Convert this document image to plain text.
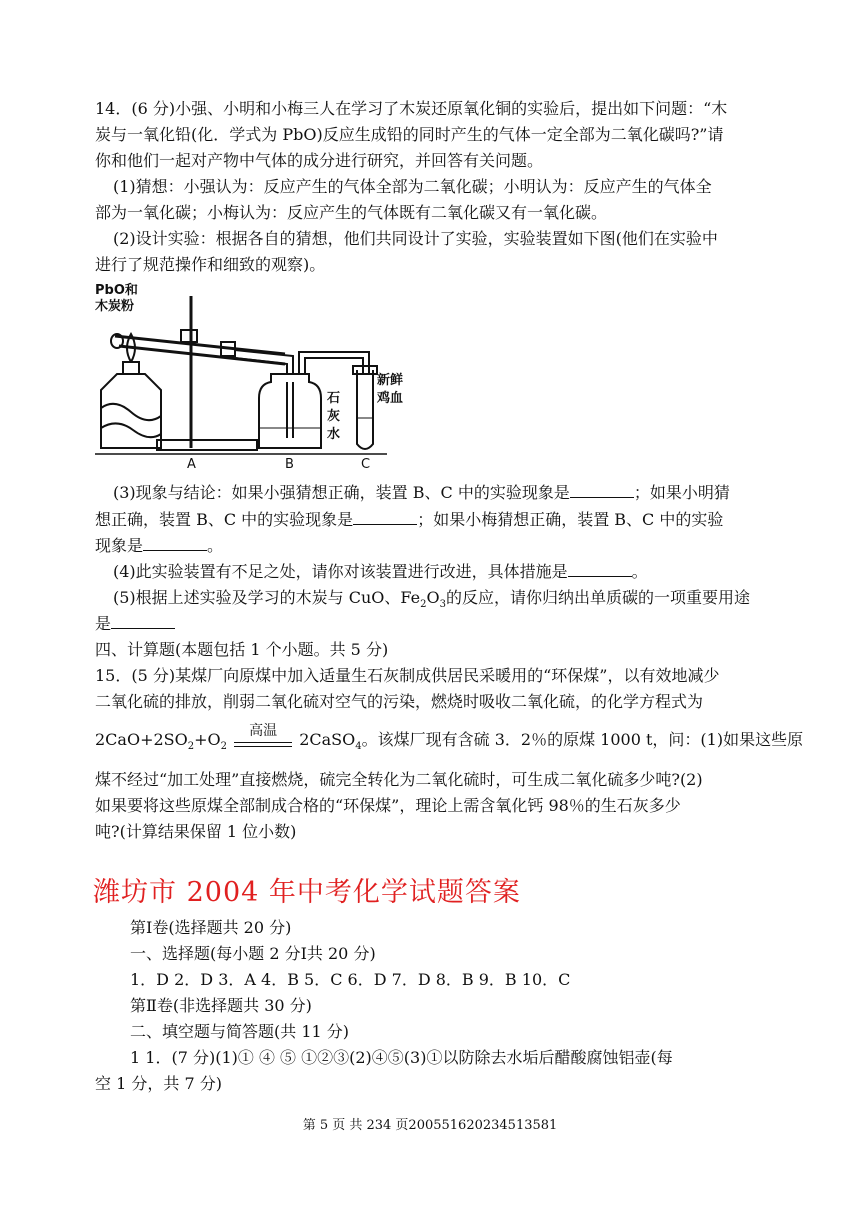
14．(6 分)小强、小明和小梅三人在学习了木炭还原氧化铜的实验后，提出如下问题：“木
炭与一氧化铅(化．学式为 PbO)反应生成铅的同时产生的气体一定全部为二氧化碳吗?”请
你和他们一起对产物中气体的成分进行研究，并回答有关问题。
(1)猜想：小强认为：反应产生的气体全部为二氧化碳；小明认为：反应产生的气体全
部为一氧化碳；小梅认为：反应产生的气体既有二氧化碳又有一氧化碳。
(2)设计实验：根据各自的猜想，他们共同设计了实验，实验装置如下图(他们在实验中
进行了规范操作和细致的观察)。
PbO和
木炭粉
石
灰
水
新鲜
鸡血
A	B	C
(3)现象与结论：如果小强猜想正确，装置 B、C 中的实验现象是	；如果小明猜
想正确，装置 B、C 中的实验现象是	；如果小梅猜想正确，装置 B、C 中的实验
现象是	。
(4)此实验装置有不足之处，请你对该装置进行改进，具体措施是	。
(5)根据上述实验及学习的木炭与 CuO、$Fe_2O_3$的反应，请你归纳出单质碳的一项重要用途
是
四、计算题(本题包括 1 个小题。共 5 分)
15．(5 分)某煤厂向原煤中加入适量生石灰制成供居民采暖用的“环保煤”，以有效地减少
二氧化硫的排放，削弱二氧化硫对空气的污染，燃烧时吸收二氧化硫，的化学方程式为
$2CaO+2SO_2+O_2$
高温	2CaSO$_4$。该煤厂现有含硫 3．2％的原煤 1000 t，问：(1)如果这些原
煤不经过“加工处理”直接燃烧，硫完全转化为二氧化硫时，可生成二氧化硫多少吨?(2)
如果要将这些原煤全部制成合格的“环保煤”，理论上需含氧化钙 98％的生石灰多少
吨?(计算结果保留 1 位小数)
潍坊市 2004 年中考化学试题答案
第Ⅰ卷(选择题共 20 分)
一、选择题(每小题 2 分Ⅰ共 20 分)
1．D 2．D 3．A 4．B 5．C 6．D 7．D 8．B 9．B 10．C
第Ⅱ卷(非选择题共 30 分)
二、填空题与简答题(共 11 分)
1 1．(7 分)(1)① ④ ⑤ ①②③(2)④⑤(3)①以防除去水垢后醋酸腐蚀铝壶(每
空 1 分，共 7 分)
第 5 页 共 234 页20055162023451358​1
